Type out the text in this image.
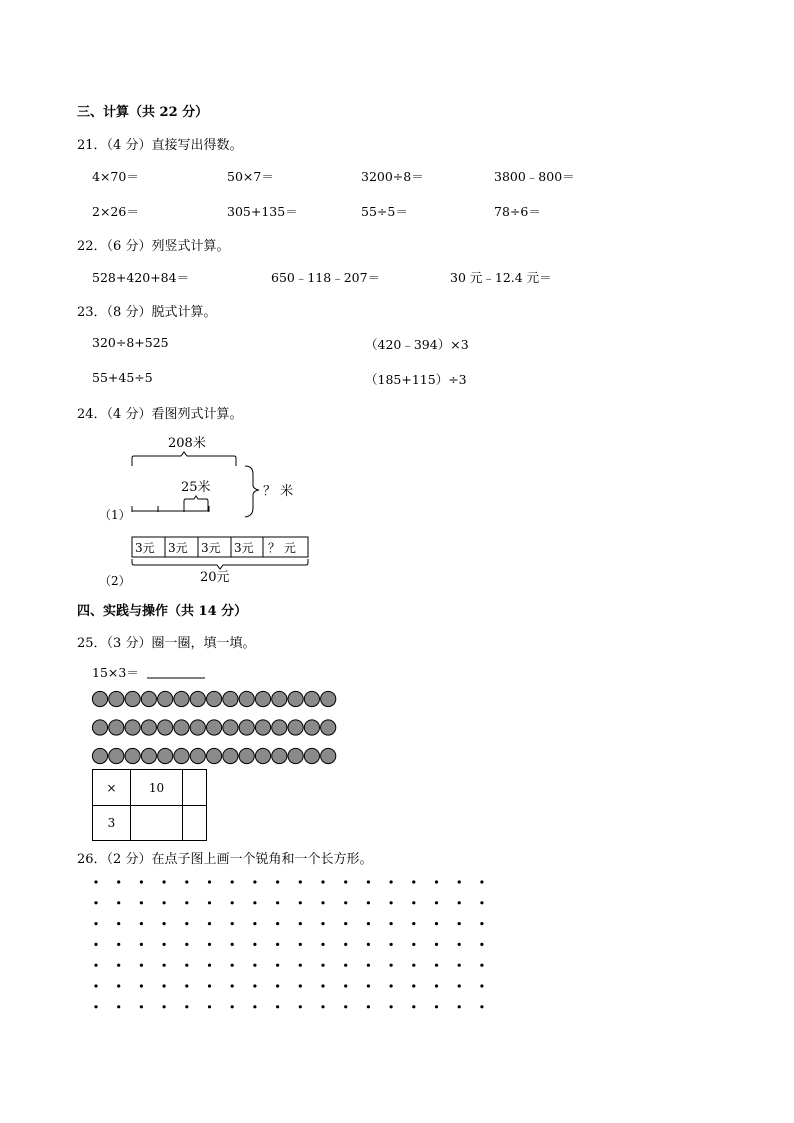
三、计算（共 22 分）
21．（4 分）直接写出得数。
4×70＝	50×7＝	3200÷8＝	3800﹣800＝
2×26＝	305+135＝	55÷5＝	78÷6＝
22．（6 分）列竖式计算。
528+420+84＝	650﹣118﹣207＝	30 元﹣12.4 元＝
23．（8 分）脱式计算。
320÷8+525	（420﹣394）×3
55+45÷5	（185+115）÷3
24．（4 分）看图列式计算。
208米
25米	？ 米
（1）
3元 3元 3元 3元 ？ 元
20元
（2）
四、实践与操作（共 14 分）
25．（3 分）圈一圈，填一填。
15×3＝
×	10	
3		
26．（2 分）在点子图上画一个锐角和一个长方形。
